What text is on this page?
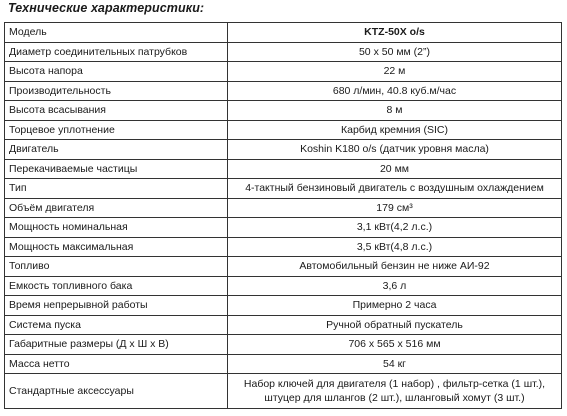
Технические характеристики:
Модель	KTZ-50X o/s
Диаметр соединительных патрубков	50 х 50 мм (2”)
Высота напора	22 м
Производительность	680 л/мин, 40.8 куб.м/час
Высота всасывания	8 м
Торцевое уплотнение	Карбид кремния (SIC)
Двигатель	Koshin K180 o/s (датчик уровня масла)
Перекачиваемые частицы	20 мм
Тип	4-тактный бензиновый двигатель с воздушным охлаждением
Объём двигателя	179 см³
Мощность номинальная	3,1 кВт(4,2 л.с.)
Мощность максимальная	3,5 кВт(4,8 л.с.)
Топливо	Автомобильный бензин не ниже АИ-92
Емкость топливного бака	3,6 л
Время непрерывной работы	Примерно 2 часа
Система пуска	Ручной обратный пускатель
Габаритные размеры (Д х Ш х В)	706 х 565 х 516 мм
Масса нетто	54 кг
Стандартные аксессуары	Набор ключей для двигателя (1 набор) , фильтр-сетка (1 шт.),
штуцер для шлангов (2 шт.), шланговый хомут (3 шт.)
